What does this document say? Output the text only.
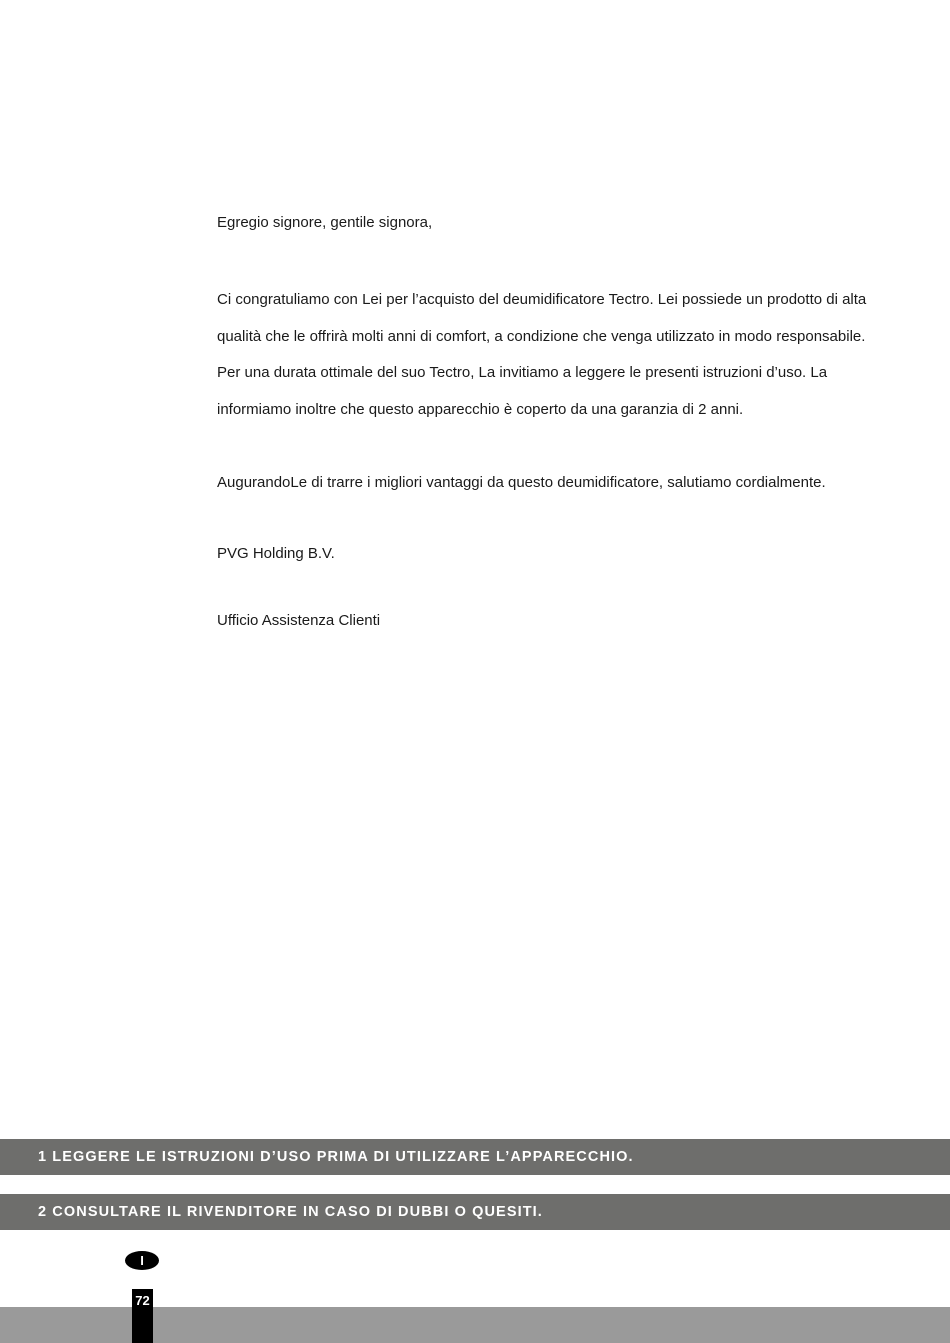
Egregio signore, gentile signora,

Ci congratuliamo con Lei per l’acquisto del deumidificatore Tectro. Lei possiede un prodotto di alta qualità che le offrirà molti anni di comfort, a condizione che venga utilizzato in modo responsabile. Per una durata ottimale del suo Tectro, La invitiamo a leggere le presenti istruzioni d’uso. La informiamo inoltre che questo apparecchio è coperto da una garanzia di 2 anni.

AugurandoLe di trarre i migliori vantaggi da questo deumidificatore, salutiamo cordialmente.

PVG Holding B.V.

Ufficio Assistenza Clienti

1 LEGGERE LE ISTRUZIONI D’USO PRIMA DI UTILIZZARE L’APPARECCHIO.
2 CONSULTARE IL RIVENDITORE IN CASO DI DUBBI O QUESITI.
I
72
